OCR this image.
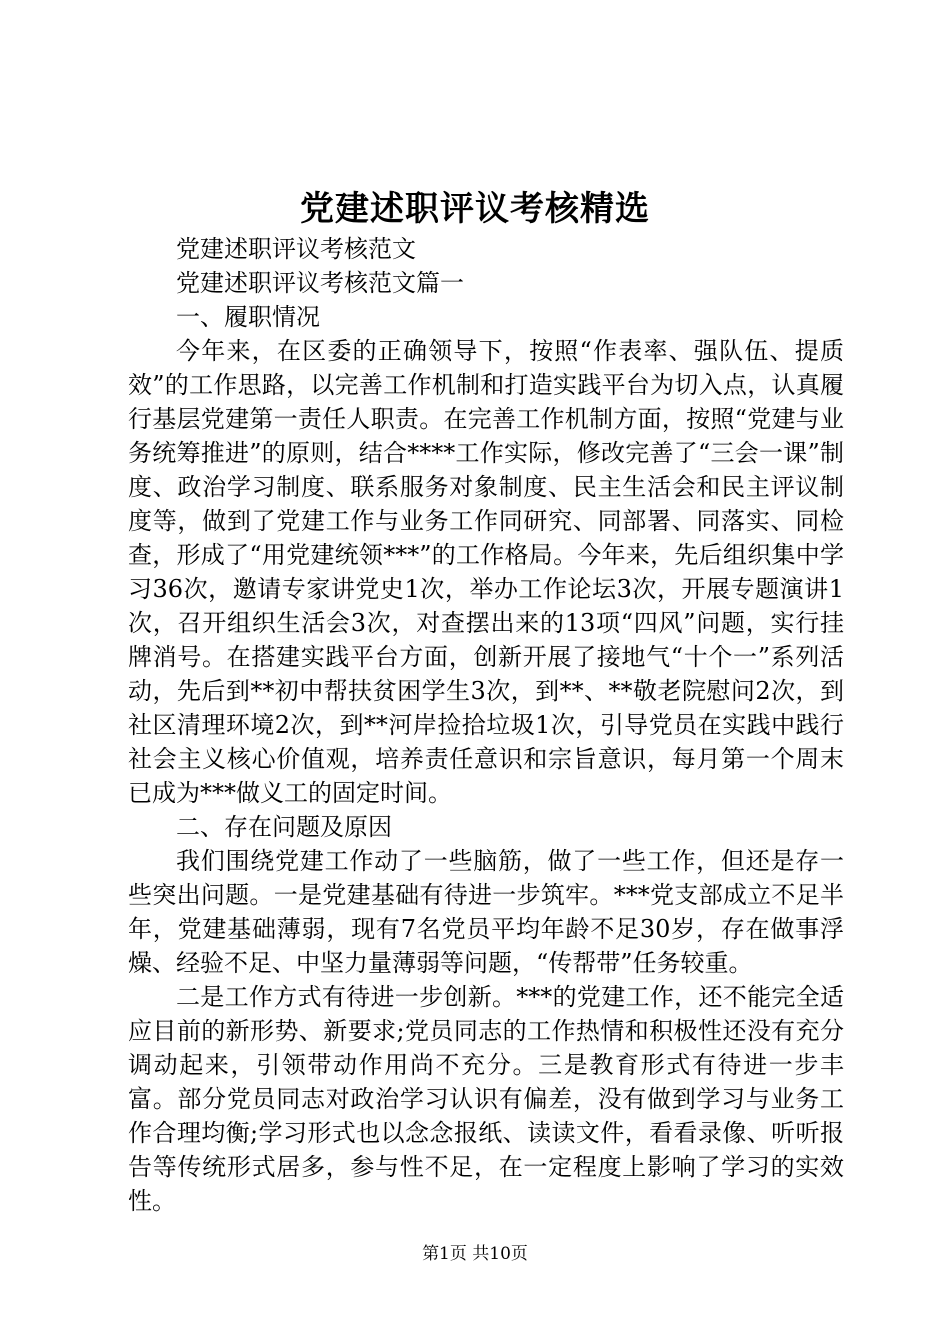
党建述职评议考核精选

党建述职评议考核范文

党建述职评议考核范文篇一

一、履职情况

今年来，在区委的正确领导下，按照“作表率、强队伍、提质效”的工作思路，以完善工作机制和打造实践平台为切入点，认真履行基层党建第一责任人职责。在完善工作机制方面，按照“党建与业务统筹推进”的原则，结合****工作实际，修改完善了“三会一课”制度、政治学习制度、联系服务对象制度、民主生活会和民主评议制度等，做到了党建工作与业务工作同研究、同部署、同落实、同检查，形成了“用党建统领***”的工作格局。今年来，先后组织集中学习36次，邀请专家讲党史1次，举办工作论坛3次，开展专题演讲1次，召开组织生活会3次，对查摆出来的13项“四风”问题，实行挂牌消号。在搭建实践平台方面，创新开展了接地气“十个一”系列活动，先后到**初中帮扶贫困学生3次，到**、**敬老院慰问2次，到社区清理环境2次，到**河岸捡拾垃圾1次，引导党员在实践中践行社会主义核心价值观，培养责任意识和宗旨意识，每月第一个周末已成为***做义工的固定时间。

二、存在问题及原因

我们围绕党建工作动了一些脑筋，做了一些工作，但还是存一些突出问题。一是党建基础有待进一步筑牢。***党支部成立不足半年，党建基础薄弱，现有7名党员平均年龄不足30岁，存在做事浮燥、经验不足、中坚力量薄弱等问题，“传帮带”任务较重。

二是工作方式有待进一步创新。***的党建工作，还不能完全适应目前的新形势、新要求;党员同志的工作热情和积极性还没有充分调动起来，引领带动作用尚不充分。三是教育形式有待进一步丰富。部分党员同志对政治学习认识有偏差，没有做到学习与业务工作合理均衡;学习形式也以念念报纸、读读文件，看看录像、听听报告等传统形式居多，参与性不足，在一定程度上影响了学习的实效性。

第1页 共10页
